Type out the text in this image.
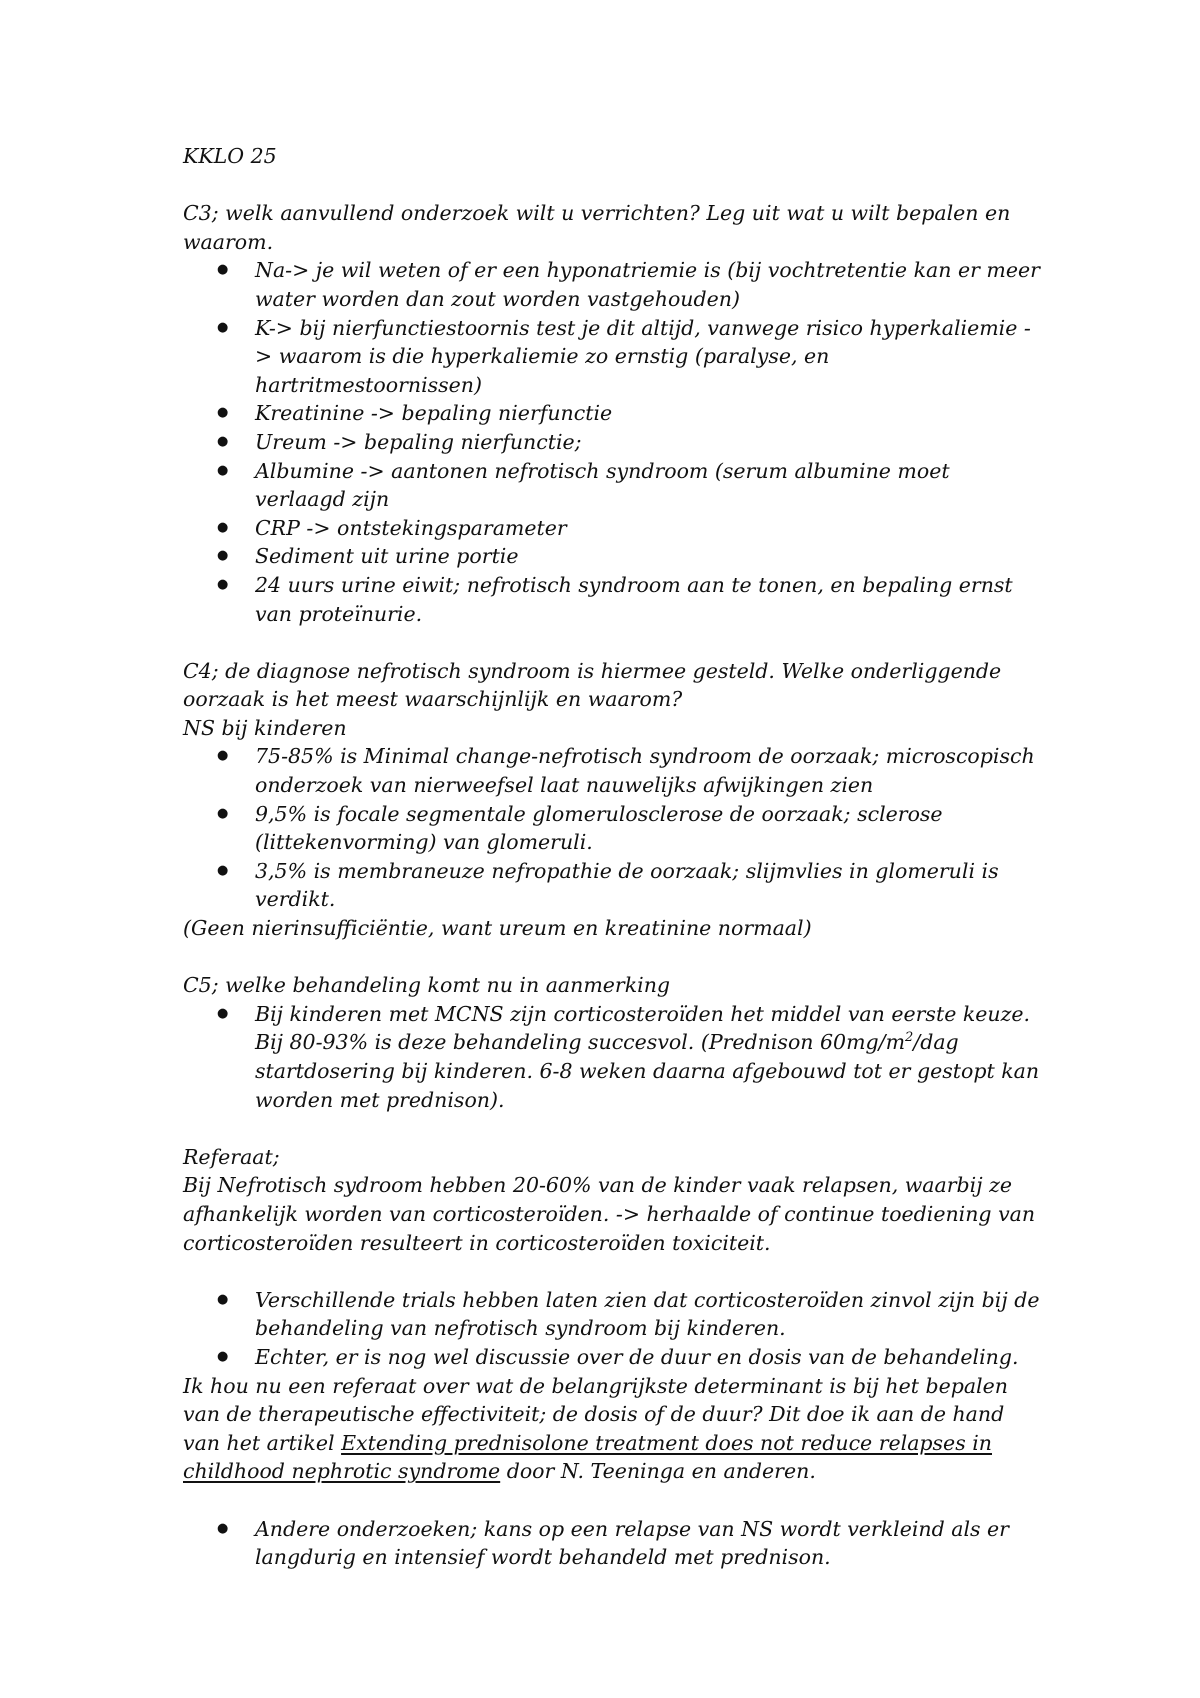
KKLO 25

C3; welk aanvullend onderzoek wilt u verrichten? Leg uit wat u wilt bepalen en waarom.

● Na-> je wil weten of er een hyponatriemie is (bij vochtretentie kan er meer water worden dan zout worden vastgehouden)
● K-> bij nierfunctiestoornis test je dit altijd, vanwege risico hyperkaliemie -> waarom is die hyperkaliemie zo ernstig (paralyse, en hartritmestoornissen)
● Kreatinine -> bepaling nierfunctie
● Ureum -> bepaling nierfunctie;
● Albumine -> aantonen nefrotisch syndroom (serum albumine moet verlaagd zijn
● CRP -> ontstekingsparameter
● Sediment uit urine portie
● 24 uurs urine eiwit; nefrotisch syndroom aan te tonen, en bepaling ernst van proteïnurie.

C4; de diagnose nefrotisch syndroom is hiermee gesteld. Welke onderliggende oorzaak is het meest waarschijnlijk en waarom?

NS bij kinderen

● 75-85% is Minimal change-nefrotisch syndroom de oorzaak; microscopisch onderzoek van nierweefsel laat nauwelijks afwijkingen zien
● 9,5% is focale segmentale glomerulosclerose de oorzaak; sclerose (littekenvorming) van glomeruli.
● 3,5% is membraneuze nefropathie de oorzaak; slijmvlies in glomeruli is verdikt.

(Geen nierinsufficiëntie, want ureum en kreatinine normaal)

C5; welke behandeling komt nu in aanmerking

● Bij kinderen met MCNS zijn corticosteroïden het middel van eerste keuze. Bij 80-93% is deze behandeling succesvol. (Prednison $60mg/m^2$/dag startdosering bij kinderen. 6-8 weken daarna afgebouwd tot er gestopt kan worden met prednison).

Referaat;

Bij Nefrotisch sydroom hebben 20-60% van de kinder vaak relapsen, waarbij ze afhankelijk worden van corticosteroïden. -> herhaalde of continue toediening van corticosteroïden resulteert in corticosteroïden toxiciteit.

● Verschillende trials hebben laten zien dat corticosteroïden zinvol zijn bij de behandeling van nefrotisch syndroom bij kinderen.
● Echter, er is nog wel discussie over de duur en dosis van de behandeling.

Ik hou nu een referaat over wat de belangrijkste determinant is bij het bepalen van de therapeutische effectiviteit; de dosis of de duur? Dit doe ik aan de hand van het artikel Extending prednisolone treatment does not reduce relapses in childhood nephrotic syndrome door N. Teeninga en anderen.

● Andere onderzoeken; kans op een relapse van NS wordt verkleind als er langdurig en intensief wordt behandeld met prednison.
